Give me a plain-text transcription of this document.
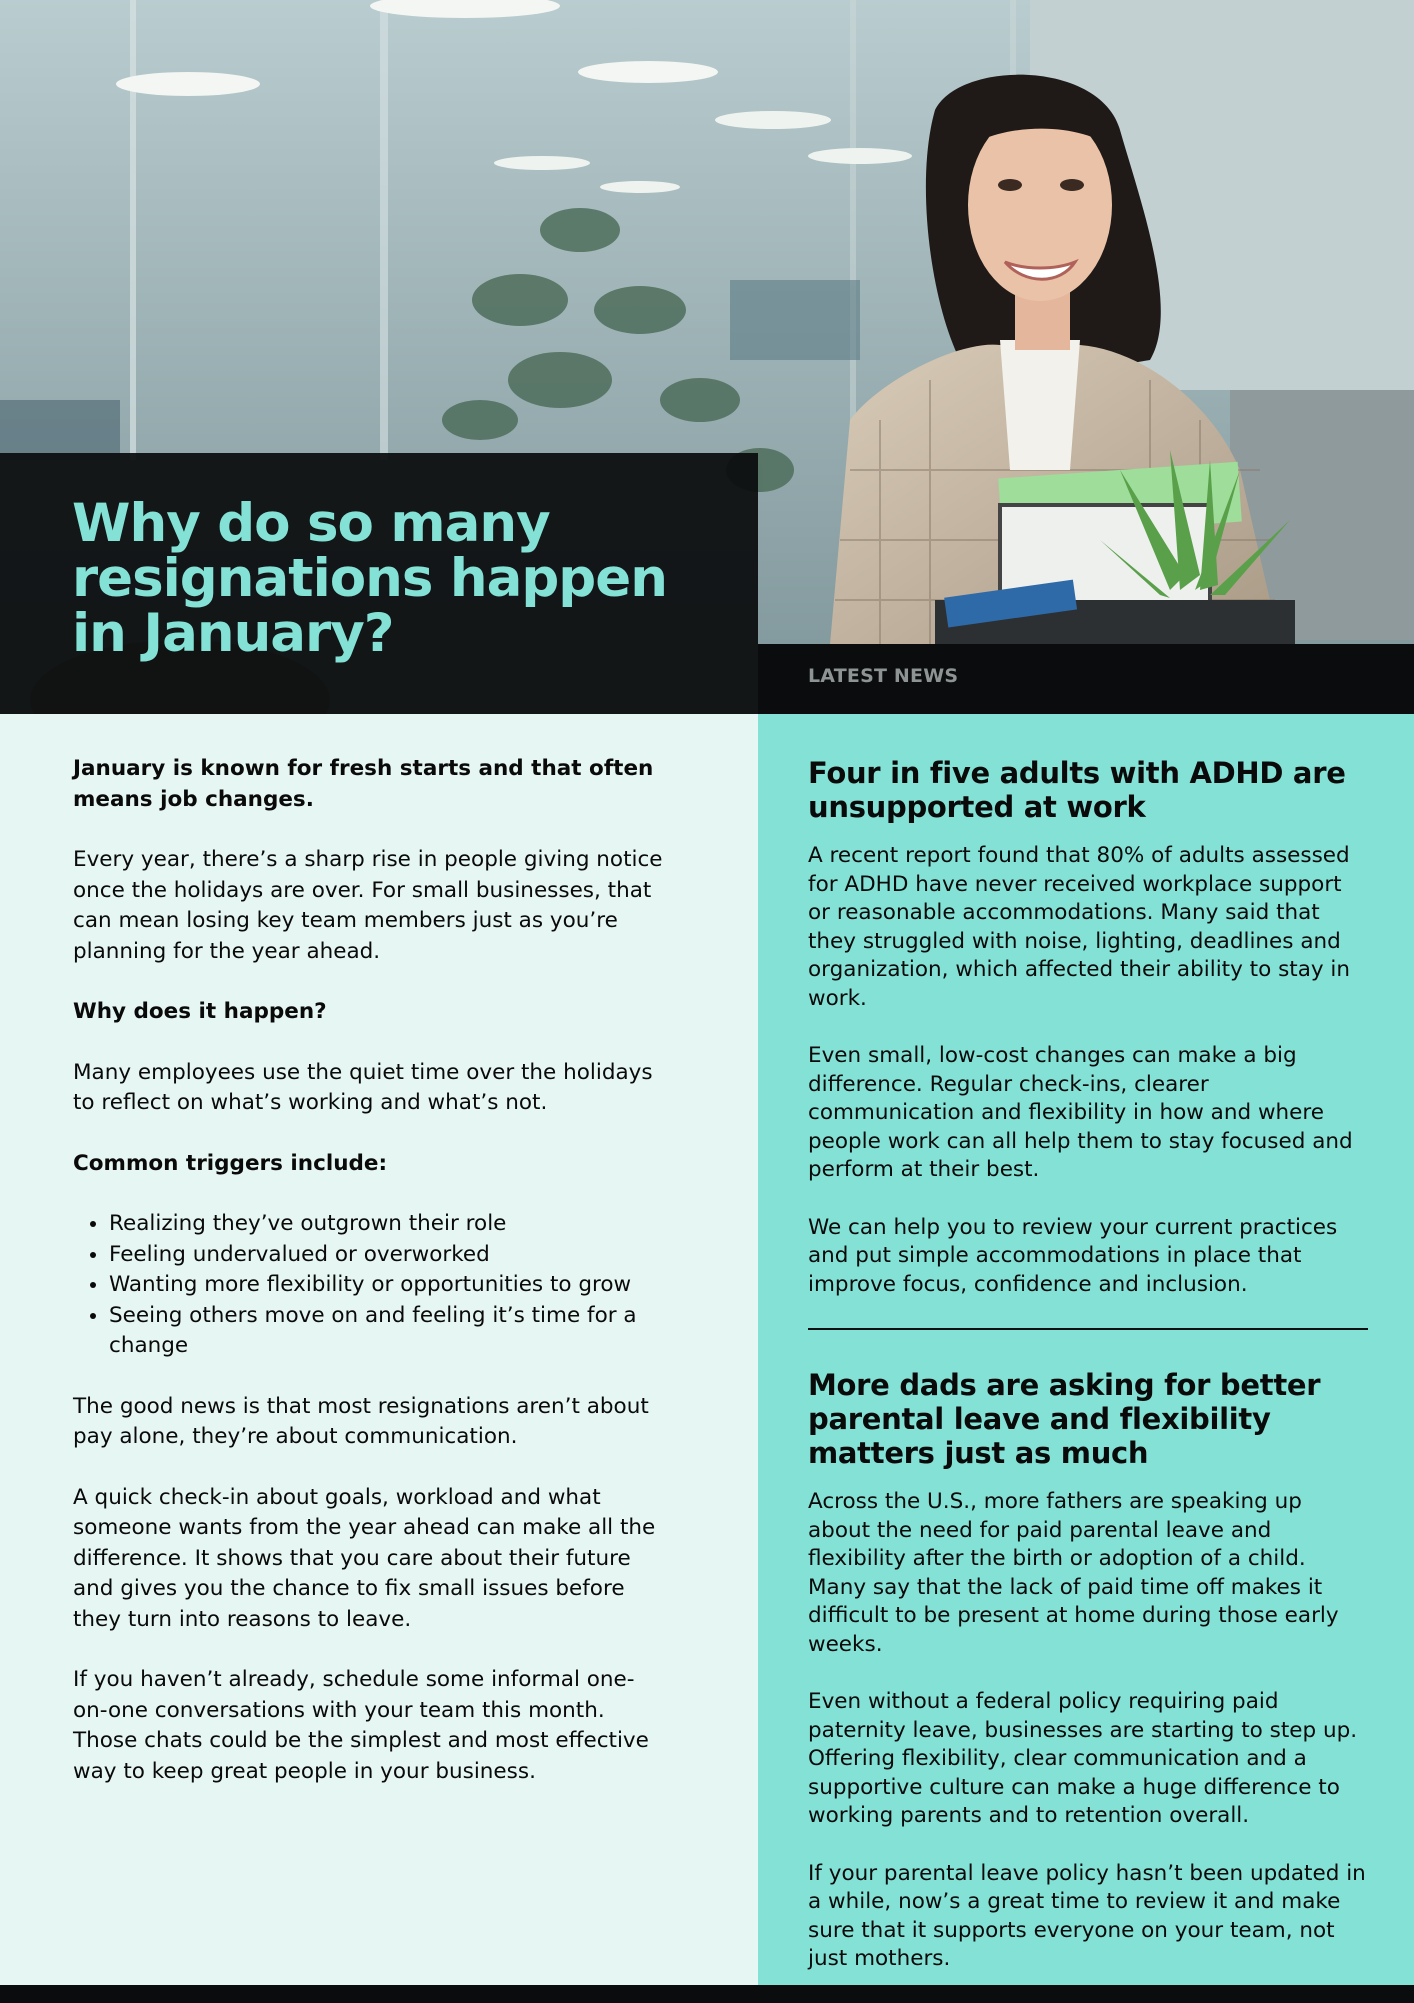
Why do so many resignations happen in January?
LATEST NEWS

January is known for fresh starts and that often means job changes.

Every year, there’s a sharp rise in people giving notice once the holidays are over. For small businesses, that can mean losing key team members just as you’re planning for the year ahead.

Why does it happen?

Many employees use the quiet time over the holidays to reflect on what’s working and what’s not.

Common triggers include:

• Realizing they’ve outgrown their role
• Feeling undervalued or overworked
• Wanting more flexibility or opportunities to grow
• Seeing others move on and feeling it’s time for a change

The good news is that most resignations aren’t about pay alone, they’re about communication.

A quick check-in about goals, workload and what someone wants from the year ahead can make all the difference. It shows that you care about their future and gives you the chance to fix small issues before they turn into reasons to leave.

If you haven’t already, schedule some informal one-on-one conversations with your team this month. Those chats could be the simplest and most effective way to keep great people in your business.

Four in five adults with ADHD are unsupported at work

A recent report found that 80% of adults assessed for ADHD have never received workplace support or reasonable accommodations. Many said that they struggled with noise, lighting, deadlines and organization, which affected their ability to stay in work.

Even small, low-cost changes can make a big difference. Regular check-ins, clearer communication and flexibility in how and where people work can all help them to stay focused and perform at their best.

We can help you to review your current practices and put simple accommodations in place that improve focus, confidence and inclusion.

More dads are asking for better parental leave and flexibility matters just as much

Across the U.S., more fathers are speaking up about the need for paid parental leave and flexibility after the birth or adoption of a child. Many say that the lack of paid time off makes it difficult to be present at home during those early weeks.

Even without a federal policy requiring paid paternity leave, businesses are starting to step up. Offering flexibility, clear communication and a supportive culture can make a huge difference to working parents and to retention overall.

If your parental leave policy hasn’t been updated in a while, now’s a great time to review it and make sure that it supports everyone on your team, not just mothers.
